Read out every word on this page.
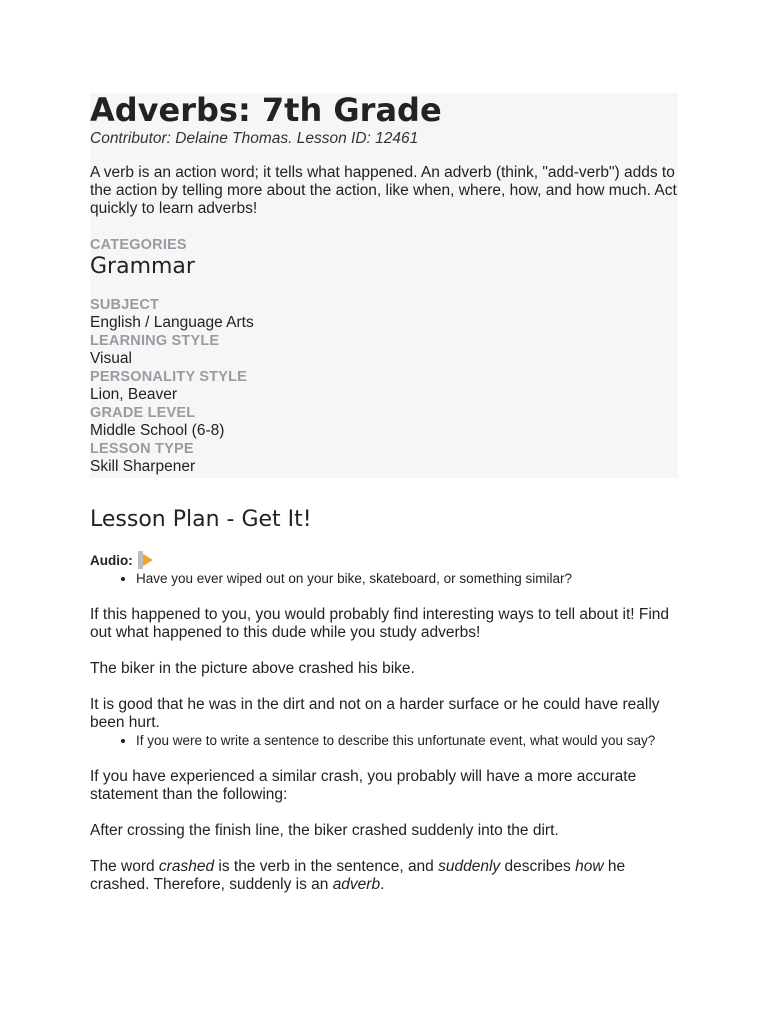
Adverbs: 7th Grade
Contributor: Delaine Thomas. Lesson ID: 12461
A verb is an action word; it tells what happened. An adverb (think, "add-verb") adds to the action by telling more about the action, like when, where, how, and how much. Act quickly to learn adverbs!
CATEGORIES
Grammar
SUBJECT
English / Language Arts
LEARNING STYLE
Visual
PERSONALITY STYLE
Lion, Beaver
GRADE LEVEL
Middle School (6-8)
LESSON TYPE
Skill Sharpener
Lesson Plan - Get It!
Audio:
• Have you ever wiped out on your bike, skateboard, or something similar?

If this happened to you, you would probably find interesting ways to tell about it! Find out what happened to this dude while you study adverbs!

The biker in the picture above crashed his bike.

It is good that he was in the dirt and not on a harder surface or he could have really been hurt.

• If you were to write a sentence to describe this unfortunate event, what would you say?

If you have experienced a similar crash, you probably will have a more accurate statement than the following:

After crossing the finish line, the biker crashed suddenly into the dirt.

The word crashed is the verb in the sentence, and suddenly describes how he crashed. Therefore, suddenly is an adverb.
